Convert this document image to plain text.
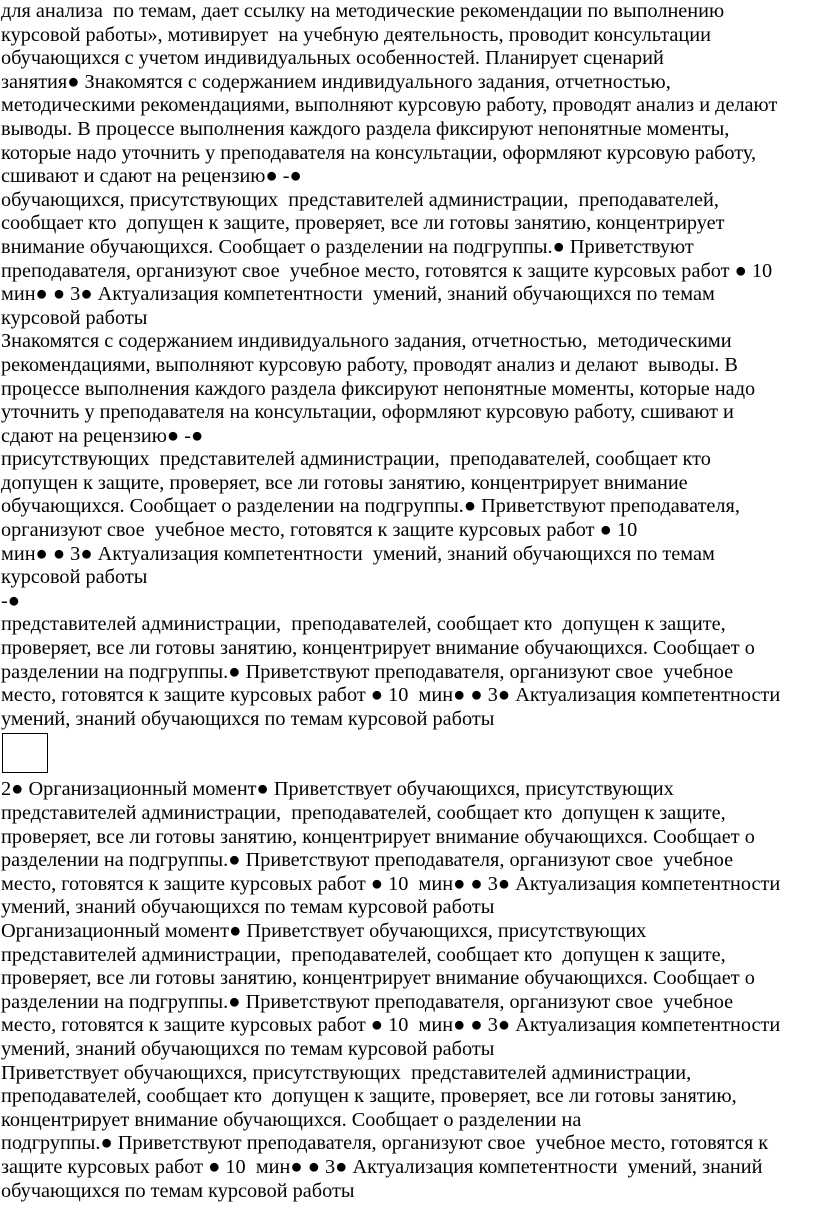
для анализа  по темам, дает ссылку на методические рекомендации по выполнению
курсовой работы», мотивирует  на учебную деятельность, проводит консультации
обучающихся с учетом индивидуальных особенностей. Планирует сценарий
занятия● Знакомятся с содержанием индивидуального задания, отчетностью,
методическими рекомендациями, выполняют курсовую работу, проводят анализ и делают
выводы. В процессе выполнения каждого раздела фиксируют непонятные моменты,
которые надо уточнить у преподавателя на консультации, оформляют курсовую работу,
сшивают и сдают на рецензию● -●
обучающихся, присутствующих  представителей администрации,  преподавателей,
сообщает кто  допущен к защите, проверяет, все ли готовы занятию, концентрирует
внимание обучающихся. Сообщает о разделении на подгруппы.● Приветствуют
преподавателя, организуют свое  учебное место, готовятся к защите курсовых работ ● 10
мин● ● 3● Актуализация компетентности  умений, знаний обучающихся по темам
курсовой работы
Знакомятся с содержанием индивидуального задания, отчетностью,  методическими
рекомендациями, выполняют курсовую работу, проводят анализ и делают  выводы. В
процессе выполнения каждого раздела фиксируют непонятные моменты, которые надо
уточнить у преподавателя на консультации, оформляют курсовую работу, сшивают и
сдают на рецензию● -●
присутствующих  представителей администрации,  преподавателей, сообщает кто
допущен к защите, проверяет, все ли готовы занятию, концентрирует внимание
обучающихся. Сообщает о разделении на подгруппы.● Приветствуют преподавателя,
организуют свое  учебное место, готовятся к защите курсовых работ ● 10
мин● ● 3● Актуализация компетентности  умений, знаний обучающихся по темам
курсовой работы
-●
представителей администрации,  преподавателей, сообщает кто  допущен к защите,
проверяет, все ли готовы занятию, концентрирует внимание обучающихся. Сообщает о
разделении на подгруппы.● Приветствуют преподавателя, организуют свое  учебное
место, готовятся к защите курсовых работ ● 10  мин● ● 3● Актуализация компетентности
умений, знаний обучающихся по темам курсовой работы
2● Организационный момент● Приветствует обучающихся, присутствующих
представителей администрации,  преподавателей, сообщает кто  допущен к защите,
проверяет, все ли готовы занятию, концентрирует внимание обучающихся. Сообщает о
разделении на подгруппы.● Приветствуют преподавателя, организуют свое  учебное
место, готовятся к защите курсовых работ ● 10  мин● ● 3● Актуализация компетентности
умений, знаний обучающихся по темам курсовой работы
Организационный момент● Приветствует обучающихся, присутствующих
представителей администрации,  преподавателей, сообщает кто  допущен к защите,
проверяет, все ли готовы занятию, концентрирует внимание обучающихся. Сообщает о
разделении на подгруппы.● Приветствуют преподавателя, организуют свое  учебное
место, готовятся к защите курсовых работ ● 10  мин● ● 3● Актуализация компетентности
умений, знаний обучающихся по темам курсовой работы
Приветствует обучающихся, присутствующих  представителей администрации,
преподавателей, сообщает кто  допущен к защите, проверяет, все ли готовы занятию,
концентрирует внимание обучающихся. Сообщает о разделении на
подгруппы.● Приветствуют преподавателя, организуют свое  учебное место, готовятся к
защите курсовых работ ● 10  мин● ● 3● Актуализация компетентности  умений, знаний
обучающихся по темам курсовой работы
